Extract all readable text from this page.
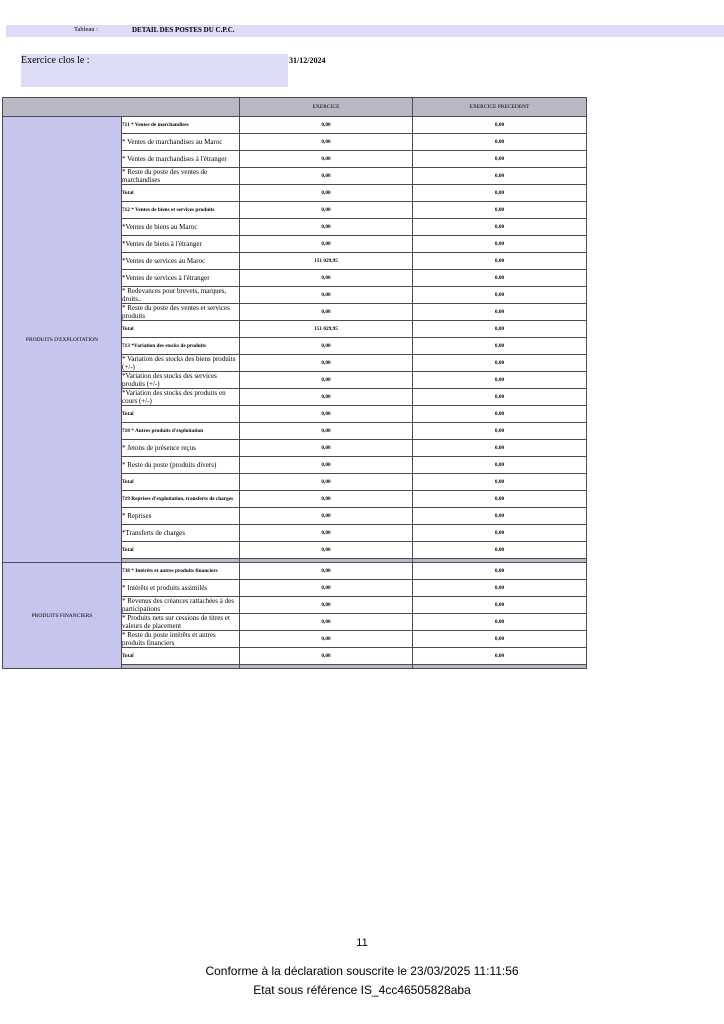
Tableau :	DETAIL DES POSTES DU C.P.C.
Exercice clos le :	31/12/2024
		EXERCICE	EXERCICE PRECEDENT
PRODUITS D'EXPLOITATION	711 * Ventes de marchandises	0,00	0,00
	* Ventes de marchandises au Maroc	0,00	0,00
	* Ventes de marchandises à l'étranger	0,00	0,00
	* Reste du poste des ventes de marchandises	0,00	0,00
	Total	0,00	0,00
	712 * Ventes de biens et services produits	0,00	0,00
	*Ventes de biens au Maroc	0,00	0,00
	*Ventes de biens à l'étranger	0,00	0,00
	*Ventes de services au Maroc	151 029,95	0,00
	*Ventes de services à l'étranger	0,00	0,00
	* Redevances pour brevets, marques, droits..	0,00	0,00
	* Reste du poste des ventes et services produits	0,00	0,00
	Total	151 029,95	0,00
	713 *Variation des stocks de produits	0,00	0,00
	* Variation des stocks des biens produits (+/-)	0,00	0,00
	*Variation des stocks des services produits (+/-)	0,00	0,00
	*Variation des stocks des produits en cours (+/-)	0,00	0,00
	Total	0,00	0,00
	718 * Autres produits d'exploitation	0,00	0,00
	* Jetons de présence reçus	0,00	0,00
	* Reste du poste (produits divers)	0,00	0,00
	Total	0,00	0,00
	719 Reprises d'exploitation, transferts de charges	0,00	0,00
	* Reprises	0,00	0,00
	*Transferts de charges	0,00	0,00
	Total	0,00	0,00

PRODUITS FINANCIERS	738 * Intérêts et autres produits financiers	0,00	0,00
	* Intérêts et produits assimilés	0,00	0,00
	* Revenus des créances rattachées à des participations	0,00	0,00
	* Produits nets sur cessions de titres et valeurs de placement	0,00	0,00
	* Reste du poste intérêts et autres produits financiers	0,00	0,00
	Total	0,00	0,00

11
Conforme à la déclaration souscrite le 23/03/2025 11:11:56
Etat sous référence IS_4cc46505828aba
